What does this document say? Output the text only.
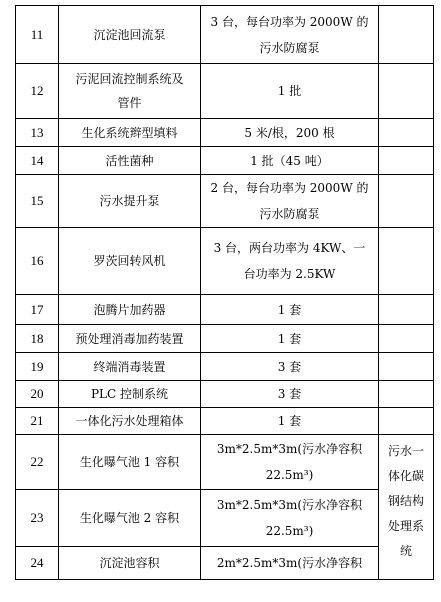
11	沉淀池回流泵	3 台，每台功率为 2000W 的
污水防腐泵	

12	污泥回流控制系统及
管件	1 批	

13	生化系统辫型填料	5 米/根，200 根	

14	活性菌种	1 批（45 吨）	

15	污水提升泵	2 台，每台功率为 2000W 的
污水防腐泵	

16	罗茨回转风机	3 台，两台功率为 4KW、一
台功率为 2.5KW	

17	泡腾片加药器	1 套	

18	预处理消毒加药装置	1 套	

19	终端消毒装置	3 套	

20	PLC 控制系统	3 套	

21	一体化污水处理箱体	1 套	

22	生化曝气池 1 容积	3m*2.5m*3m(污水净容积
22.5m³)	污水一
体化碳
钢结构
处理系
统

23	生化曝气池 2 容积	3m*2.5m*3m(污水净容积
22.5m³)	

24	沉淀池容积	2m*2.5m*3m(污水净容积	
